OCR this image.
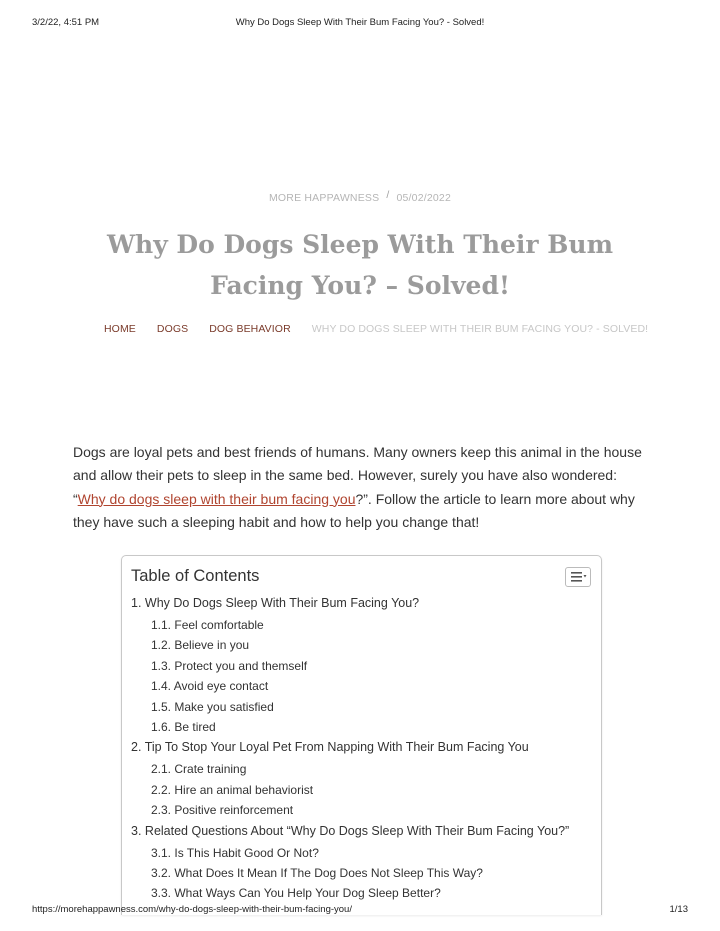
3/2/22, 4:51 PM	Why Do Dogs Sleep With Their Bum Facing You? - Solved!
MORE HAPPAWNESS / 05/02/2022
Why Do Dogs Sleep With Their Bum Facing You? – Solved!
HOME DOGS DOG BEHAVIOR WHY DO DOGS SLEEP WITH THEIR BUM FACING YOU? - SOLVED!

Dogs are loyal pets and best friends of humans. Many owners keep this animal in the house and allow their pets to sleep in the same bed. However, surely you have also wondered: “Why do dogs sleep with their bum facing you?”. Follow the article to learn more about why they have such a sleeping habit and how to help you change that!

Table of Contents
1. Why Do Dogs Sleep With Their Bum Facing You?
1.1. Feel comfortable
1.2. Believe in you
1.3. Protect you and themself
1.4. Avoid eye contact
1.5. Make you satisfied
1.6. Be tired
2. Tip To Stop Your Loyal Pet From Napping With Their Bum Facing You
2.1. Crate training
2.2. Hire an animal behaviorist
2.3. Positive reinforcement
3. Related Questions About “Why Do Dogs Sleep With Their Bum Facing You?”
3.1. Is This Habit Good Or Not?
3.2. What Does It Mean If The Dog Does Not Sleep This Way?
3.3. What Ways Can You Help Your Dog Sleep Better?
https://morehappawness.com/why-do-dogs-sleep-with-their-bum-facing-you/	1/13
